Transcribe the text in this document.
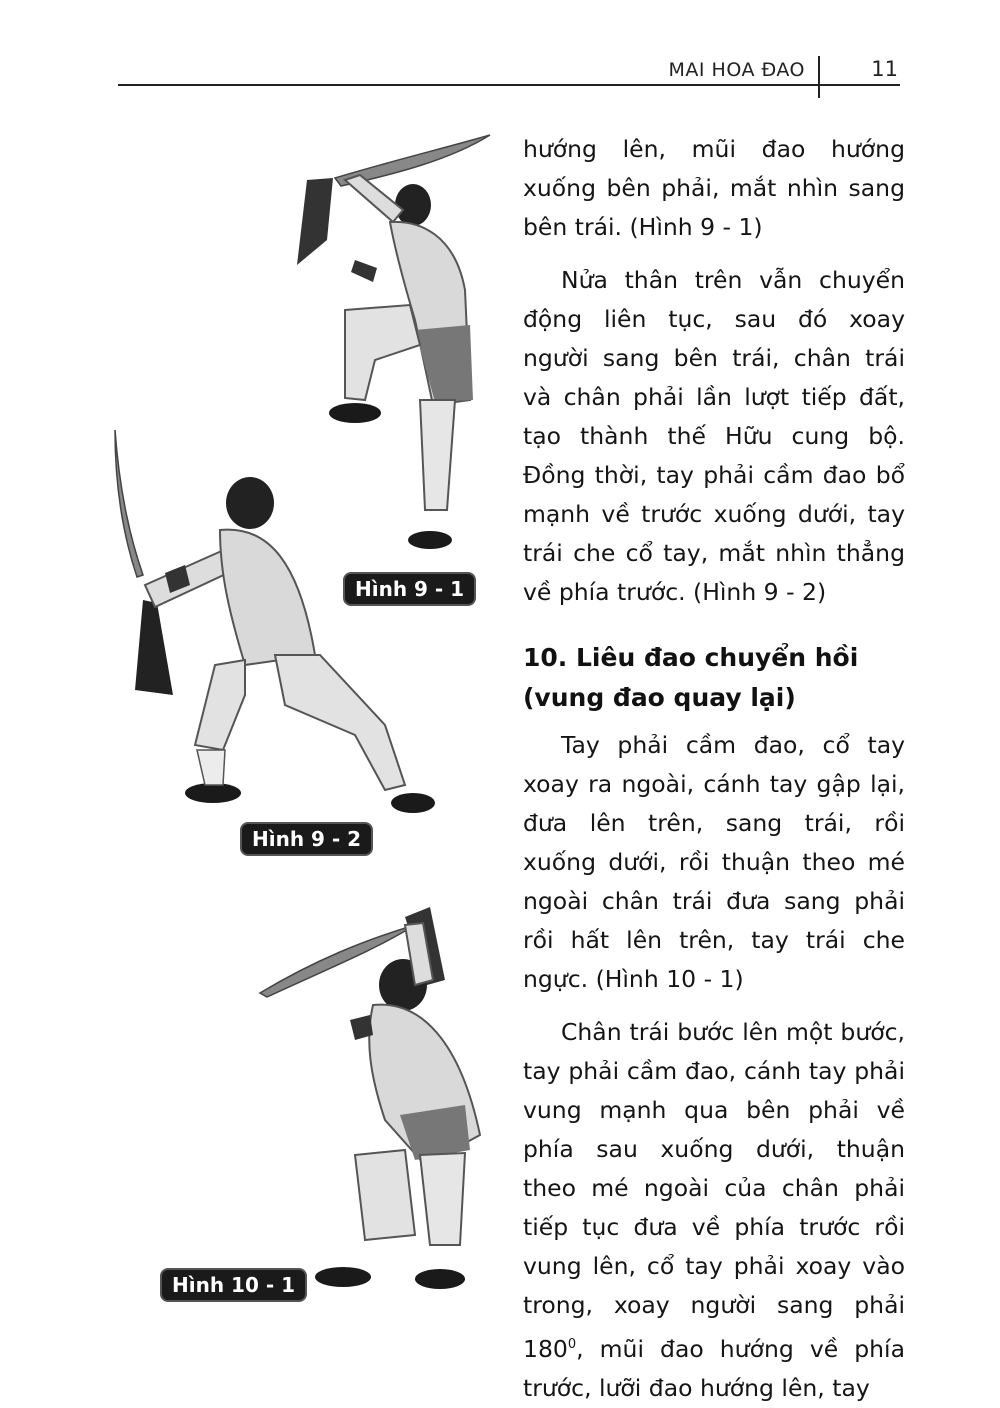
MAI HOA ĐAO	11
Hình 9 - 1
Hình 9 - 2
Hình 10 - 1

hướng lên, mũi đao hướng xuống bên phải, mắt nhìn sang bên trái. (Hình 9 - 1)

Nửa thân trên vẫn chuyển động liên tục, sau đó xoay người sang bên trái, chân trái và chân phải lần lượt tiếp đất, tạo thành thế Hữu cung bộ. Đồng thời, tay phải cầm đao bổ mạnh về trước xuống dưới, tay trái che cổ tay, mắt nhìn thẳng về phía trước. (Hình 9 - 2)

10. Liêu đao chuyển hồi (vung đao quay lại)

Tay phải cầm đao, cổ tay xoay ra ngoài, cánh tay gập lại, đưa lên trên, sang trái, rồi xuống dưới, rồi thuận theo mé ngoài chân trái đưa sang phải rồi hất lên trên, tay trái che ngực. (Hình 10 - 1)

Chân trái bước lên một bước, tay phải cầm đao, cánh tay phải vung mạnh qua bên phải về phía sau xuống dưới, thuận theo mé ngoài của chân phải tiếp tục đưa về phía trước rồi vung lên, cổ tay phải xoay vào trong, xoay người sang phải $180^0$, mũi đao hướng về phía trước, lưỡi đao hướng lên, tay
